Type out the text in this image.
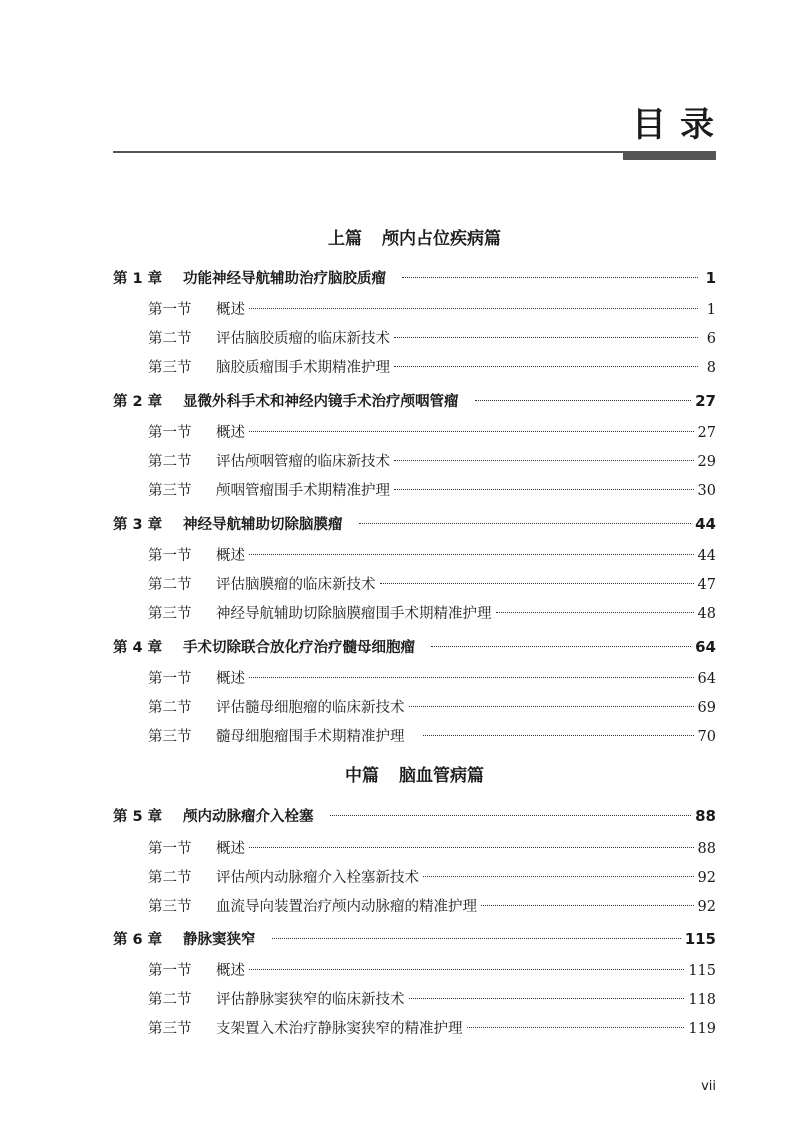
目录
上篇 颅内占位疾病篇
第 1 章	功能神经导航辅助治疗脑胶质瘤	1
第一节	概述	1
第二节	评估脑胶质瘤的临床新技术	6
第三节	脑胶质瘤围手术期精准护理	8
第 2 章	显微外科手术和神经内镜手术治疗颅咽管瘤	27
第一节	概述	27
第二节	评估颅咽管瘤的临床新技术	29
第三节	颅咽管瘤围手术期精准护理	30
第 3 章	神经导航辅助切除脑膜瘤	44
第一节	概述	44
第二节	评估脑膜瘤的临床新技术	47
第三节	神经导航辅助切除脑膜瘤围手术期精准护理	48
第 4 章	手术切除联合放化疗治疗髓母细胞瘤	64
第一节	概述	64
第二节	评估髓母细胞瘤的临床新技术	69
第三节	髓母细胞瘤围手术期精准护理	70
中篇 脑血管病篇
第 5 章	颅内动脉瘤介入栓塞	88
第一节	概述	88
第二节	评估颅内动脉瘤介入栓塞新技术	92
第三节	血流导向装置治疗颅内动脉瘤的精准护理	92
第 6 章	静脉窦狭窄	115
第一节	概述	115
第二节	评估静脉窦狭窄的临床新技术	118
第三节	支架置入术治疗静脉窦狭窄的精准护理	119
vii
